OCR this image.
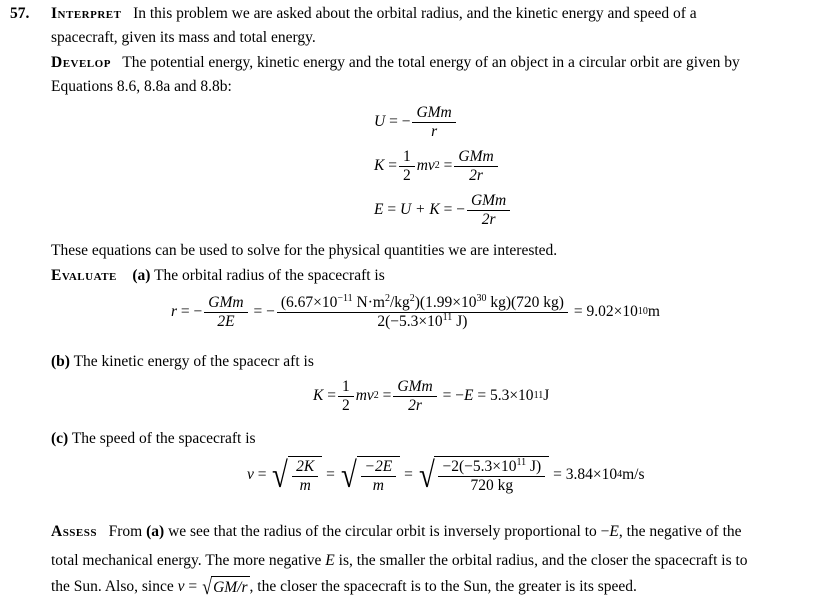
57. Interpret In this problem we are asked about the orbital radius, and the kinetic energy and speed of a
spacecraft, given its mass and total energy.
Develop The potential energy, kinetic energy and the total energy of an object in a circular orbit are given by
Equations 8.6, 8.8a and 8.8b:
U = − $\frac{\text{GMm}}{r}$
$K = \frac{1}{2}$ mv $2 = \frac{\text{GMm}}{2r}$
E = U + K = − $\frac{\text{GMm}}{2r}$
These equations can be used to solve for the physical quantities we are interested.
Evaluate (a) The orbital radius of the spacecraft is
r = − $\frac{\text{GMm}}{2E}$ = − $\frac{(6.67\times 10^{-11} N\cdot m^2/kg^2)(1.99\times 10^{30} kg)(720 kg)}{2(-5.3\times 10^{11} J)} = 9.02\times 10$ 10 m
(b) The kinetic energy of the spacecr aft is
$K = \frac{1}{2}$ mv $2 = \frac{\text{GMm}}{2r}$ = − E = 5.3×10 11 J
(c) The speed of the spacecraft is
v = √ $\frac{2K}{m}$ = √ $\frac{-2E}{m}$ = √ $\frac{-2(-5.3\times 10^{11} J)}{720 kg} = 3.84\times 10$ 4 m/s
Assess From (a) we see that the radius of the circular orbit is inversely proportional to −E, the negative of the
total mechanical energy. The more negative E is, the smaller the orbital radius, and the closer the spacecraft is to
the Sun. Also, since
v = √ GM/r , the closer the spacecraft is to the Sun, the greater is its speed.
